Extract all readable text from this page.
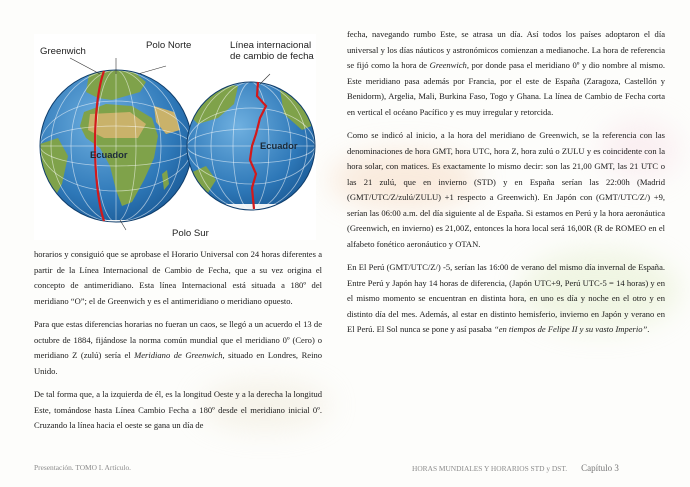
Greenwich
Polo Norte	Línea internacional
de cambio de fecha
Ecuador
Ecuador
Polo Sur

horarios y consiguió que se aprobase el Horario Universal con 24 horas diferentes a partir de la Línea Internacional de Cambio de Fecha, que a su vez origina el concepto de antimeridiano. Esta línea Internacional está situada a 180º del meridiano “O”; el de Greenwich y es el antimeridiano o meridiano opuesto.

Para que estas diferencias horarias no fueran un caos, se llegó a un acuerdo el 13 de octubre de 1884, fijándose la norma común mundial que el meridiano 0º (Cero) o meridiano Z (zulú) sería el Meridiano de Greenwich, situado en Londres, Reino Unido.

De tal forma que, a la izquierda de él, es la longitud Oeste y a la derecha la longitud Este, tomándose hasta Línea Cambio Fecha a 180º desde el meridiano inicial 0º. Cruzando la línea hacia el oeste se gana un día de

fecha, navegando rumbo Este, se atrasa un día. Así todos los países adoptaron el día universal y los días náuticos y astronómicos comienzan a medianoche. La hora de referencia se fijó como la hora de Greenwich, por donde pasa el meridiano 0º y dio nombre al mismo. Este meridiano pasa además por Francia, por el este de España (Zaragoza, Castellón y Benidorm), Argelia, Mali, Burkina Faso, Togo y Ghana. La línea de Cambio de Fecha corta en vertical el océano Pacífico y es muy irregular y retorcida.

Como se indicó al inicio, a la hora del meridiano de Greenwich, se la referencia con las denominaciones de hora GMT, hora UTC, hora Z, hora zulú o ZULU y es coincidente con la hora solar, con matices. Es exactamente lo mismo decir: son las 21,00 GMT, las 21 UTC o las 21 zulú, que en invierno (STD) y en España serían las 22:00h (Madrid (GMT/UTC/Z/zulú/ZULU) +1 respecto a Greenwich). En Japón con (GMT/UTC/Z/) +9, serían las 06:00 a.m. del día siguiente al de España. Si estamos en Perú y la hora aeronáutica (Greenwich, en invierno) es 21,00Z, entonces la hora local será 16,00R (R de ROMEO en el alfabeto fonético aeronáutico y OTAN.

En El Perú (GMT/UTC/Z/) -5, serían las 16:00 de verano del mismo día invernal de España. Entre Perú y Japón hay 14 horas de diferencia, (Japón UTC+9, Perú UTC-5 = 14 horas) y en el mismo momento se encuentran en distinta hora, en uno es día y noche en el otro y en distinto día del mes. Además, al estar en distinto hemisferio, invierno en Japón y verano en El Perú. El Sol nunca se pone y así pasaba “en tiempos de Felipe II y su vasto Imperio”.

Presentación. TOMO I. Artículo.	HORAS MUNDIALES Y HORARIOS STD y DST. Capítulo 3
